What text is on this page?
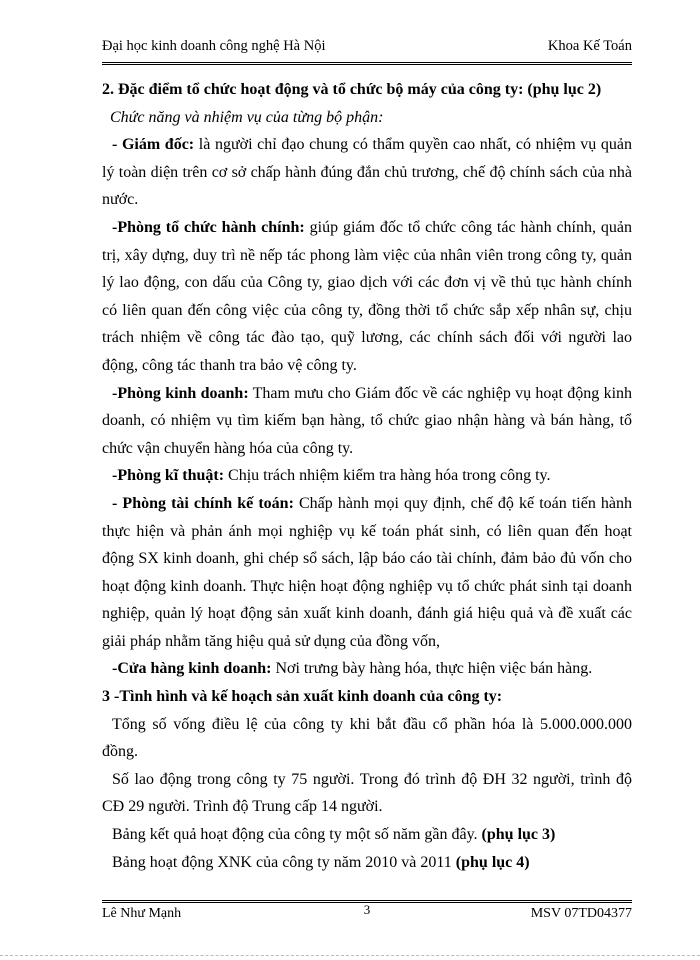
Đại học kinh doanh công nghệ Hà Nội	Khoa Kế Toán

2. Đặc điểm tổ chức hoạt động và tổ chức bộ máy của công ty: (phụ lục 2)

Chức năng và nhiệm vụ của từng bộ phận:

- Giám đốc: là người chỉ đạo chung có thẩm quyền cao nhất, có nhiệm vụ quản lý toàn diện trên cơ sở chấp hành đúng đắn chủ trương, chế độ chính sách của nhà nước.

-Phòng tổ chức hành chính: giúp giám đốc tổ chức công tác hành chính, quản trị, xây dựng, duy trì nề nếp tác phong làm việc của nhân viên trong công ty, quản lý lao động, con dấu của Công ty, giao dịch với các đơn vị về thủ tục hành chính có liên quan đến công việc của công ty, đồng thời tổ chức sắp xếp nhân sự, chịu trách nhiệm về công tác đào tạo, quỹ lương, các chính sách đối với người lao động, công tác thanh tra bảo vệ công ty.

-Phòng kinh doanh: Tham mưu cho Giám đốc về các nghiệp vụ hoạt động kinh doanh, có nhiệm vụ tìm kiếm bạn hàng, tổ chức giao nhận hàng và bán hàng, tổ chức vận chuyển hàng hóa của công ty.

-Phòng kĩ thuật: Chịu trách nhiệm kiểm tra hàng hóa trong công ty.

- Phòng tài chính kế toán: Chấp hành mọi quy định, chế độ kế toán tiến hành thực hiện và phản ánh mọi nghiệp vụ kế toán phát sinh, có liên quan đến hoạt động SX kinh doanh, ghi chép sổ sách, lập báo cáo tài chính, đảm bảo đủ vốn cho hoạt động kinh doanh. Thực hiện hoạt động nghiệp vụ tổ chức phát sinh tại doanh nghiệp, quản lý hoạt động sản xuất kinh doanh, đánh giá hiệu quả và đề xuất các giải pháp nhằm tăng hiệu quả sử dụng của đồng vốn,

-Cửa hàng kinh doanh: Nơi trưng bày hàng hóa, thực hiện việc bán hàng.

3 -Tình hình và kế hoạch sản xuất kinh doanh của công ty:

Tổng số vống điều lệ của công ty khi bắt đầu cổ phần hóa là 5.000.000.000 đồng.

Số lao động trong công ty 75 người. Trong đó trình độ ĐH 32 người, trình độ CĐ 29 người. Trình độ Trung cấp 14 người.

Bảng kết quả hoạt động của công ty một số năm gần đây. (phụ lục 3)

Bảng hoạt động XNK của công ty năm 2010 và 2011 (phụ lục 4)

Lê Như Mạnh	3	MSV 07TD04377
